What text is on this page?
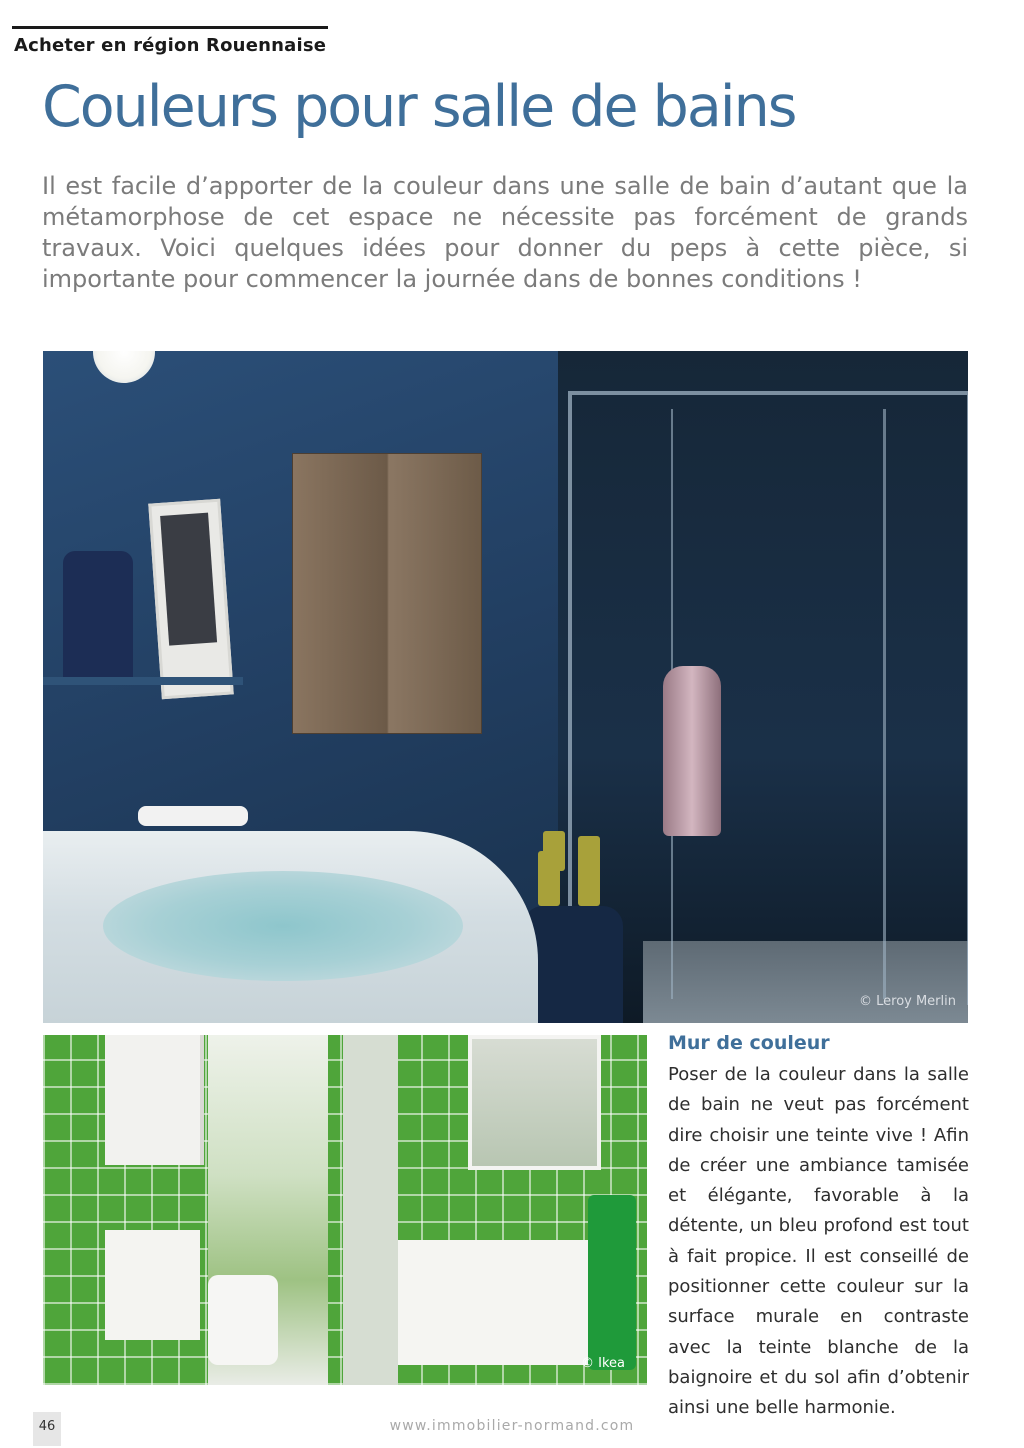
Acheter en région Rouennaise
Couleurs pour salle de bains
Il est facile d’apporter de la couleur dans une salle de bain d’autant que la métamorphose de cet espace ne nécessite pas forcément de grands travaux. Voici quelques idées pour donner du peps à cette pièce, si importante pour commencer la journée dans de bonnes conditions !
© Leroy Merlin
© Ikea
Mur de couleur
Poser de la couleur dans la salle de bain ne veut pas forcément dire choisir une teinte vive ! Afin de créer une ambiance tamisée et élégante, favorable à la détente, un bleu profond est tout à fait propice. Il est conseillé de positionner cette couleur sur la surface murale en contraste avec la teinte blanche de la baignoire et du sol afin d’obtenir ainsi une belle harmonie.
46	www.immobilier-normand.com
